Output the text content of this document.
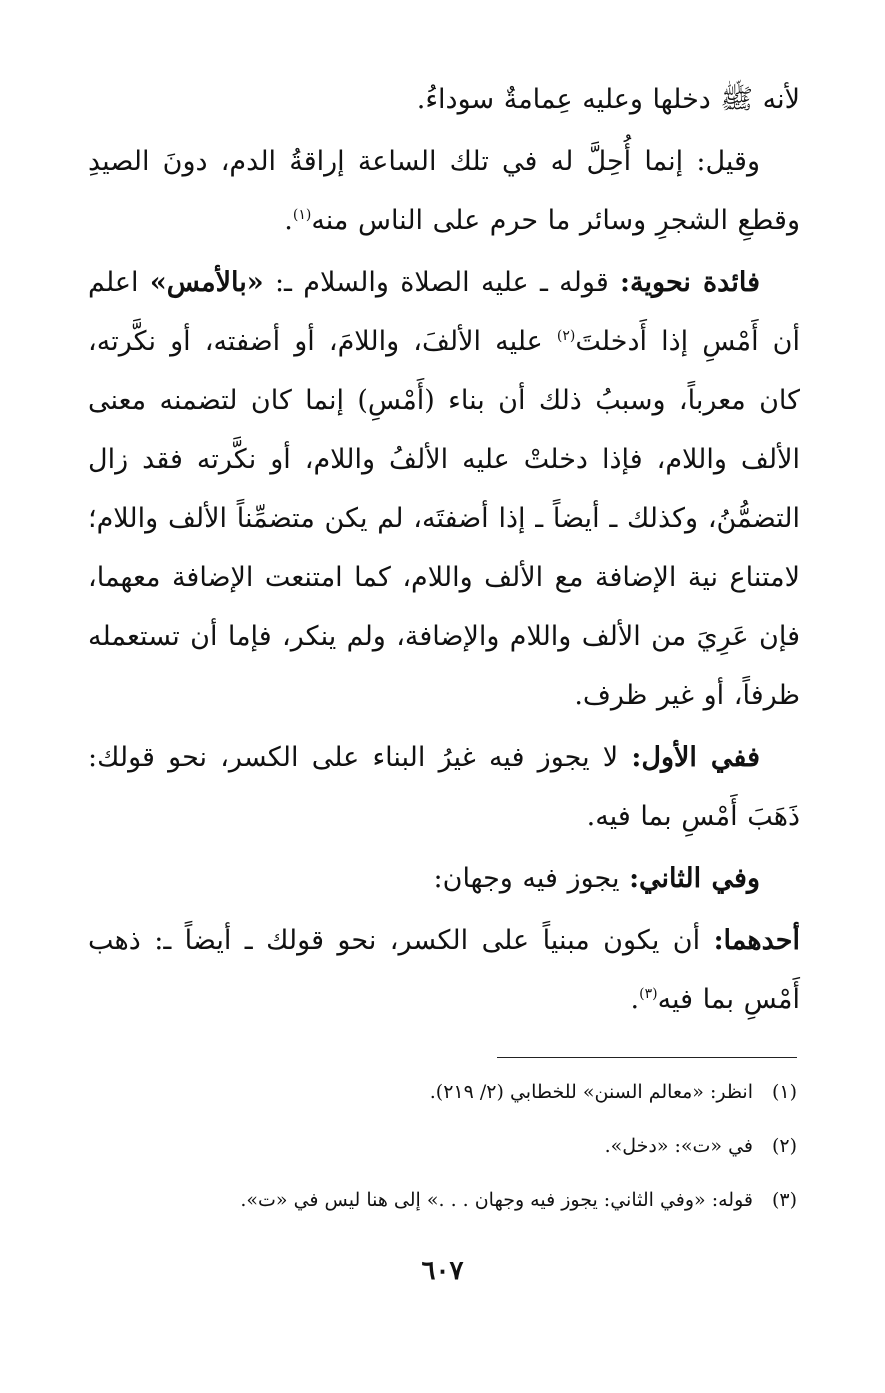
لأنه ﷺ دخلها وعليه عِمامةٌ سوداءُ.

وقيل: إنما أُحِلَّ له في تلك الساعة إراقةُ الدم، دونَ الصيدِ وقطعِ الشجرِ وسائر ما حرم على الناس منه$^{(١)}$.

فائدة نحوية: قوله ـ عليه الصلاة والسلام ـ: «بالأمس» اعلم أن أَمْسِ إذا أَدخلتَ$^{(٢)}$ عليه الألفَ، واللامَ، أو أضفته، أو نكَّرته، كان معرباً، وسببُ ذلك أن بناء (أَمْسِ) إنما كان لتضمنه معنى الألف واللام، فإذا دخلتْ عليه الألفُ واللام، أو نكَّرته فقد زال التضمُّنُ، وكذلك ـ أيضاً ـ إذا أضفتَه، لم يكن متضمِّناً الألف واللام؛ لامتناع نية الإضافة مع الألف واللام، كما امتنعت الإضافة معهما، فإن عَرِيَ من الألف واللام والإضافة، ولم ينكر، فإما أن تستعمله ظرفاً، أو غير ظرف.

ففي الأول: لا يجوز فيه غيرُ البناء على الكسر، نحو قولك: ذَهَبَ أَمْسِ بما فيه.

وفي الثاني: يجوز فيه وجهان:

أحدهما: أن يكون مبنياً على الكسر، نحو قولك ـ أيضاً ـ: ذهب أَمْسِ بما فيه$^{(٣)}$.

(١)انظر: «معالم السنن» للخطابي (٢/ ٢١٩).
(٢)في «ت»: «دخل».
(٣)قوله: «وفي الثاني: يجوز فيه وجهان . . .» إلى هنا ليس في «ت».
٦٠٧
